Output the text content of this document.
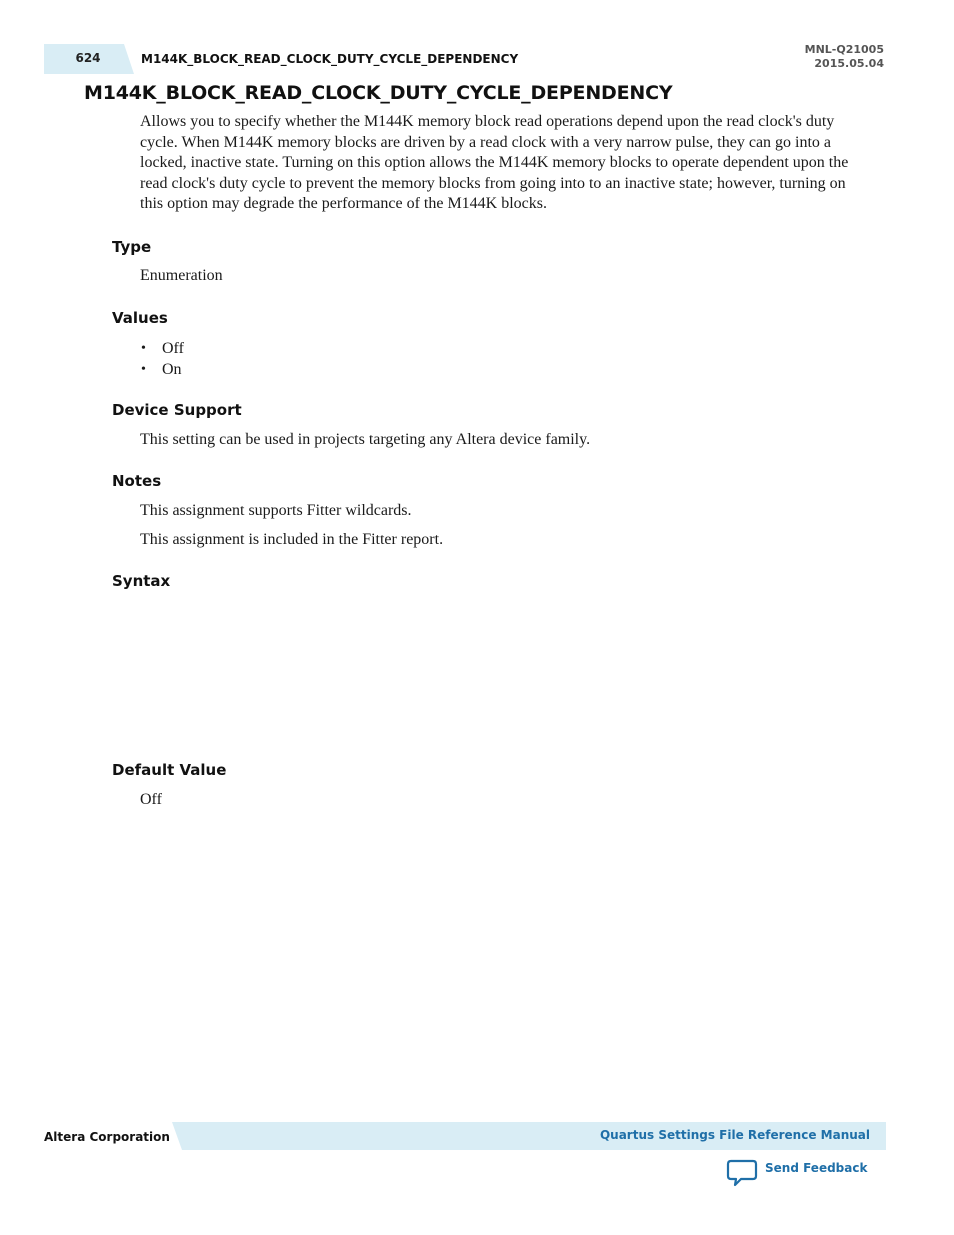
624	M144K_BLOCK_READ_CLOCK_DUTY_CYCLE_DEPENDENCY
MNL-Q21005
2015.05.04
M144K_BLOCK_READ_CLOCK_DUTY_CYCLE_DEPENDENCY
Allows you to specify whether the M144K memory block read operations depend upon the read clock's duty cycle. When M144K memory blocks are driven by a read clock with a very narrow pulse, they can go into a locked, inactive state. Turning on this option allows the M144K memory blocks to operate dependent upon the read clock's duty cycle to prevent the memory blocks from going into to an inactive state; however, turning on this option may degrade the performance of the M144K blocks.
Type
Enumeration
Values
• Off
• On
Device Support
This setting can be used in projects targeting any Altera device family.
Notes
This assignment supports Fitter wildcards.
This assignment is included in the Fitter report.
Syntax
Default Value
Off
Altera Corporation	Quartus Settings File Reference Manual
Send Feedback
